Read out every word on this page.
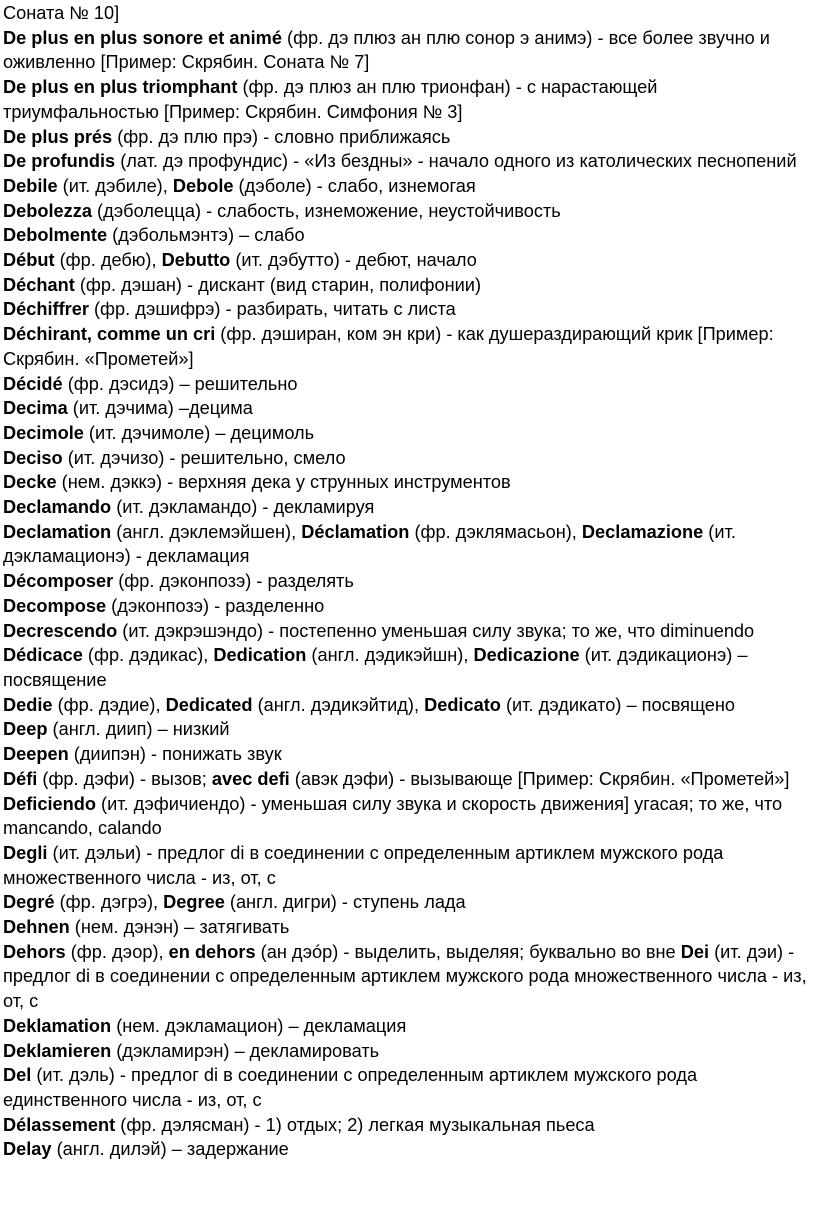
Соната № 10]
De plus en plus sonore et animé (фр. дэ плюз ан плю сонор э анимэ) - все более звучно и оживленно [Пример: Скрябин. Соната № 7]
De plus en plus triomphant (фр. дэ плюз ан плю трионфан) - с нарастающей триумфальностью [Пример: Скрябин. Симфония № 3]
De plus prés (фр. дэ плю прэ) - словно приближаясь
De profundis (лат. дэ профундис) - «Из бездны» - начало одного из католических песнопений
Debile (ит. дэбиле), Debole (дэболе) - слабо, изнемогая
Debolezza (дэболецца) - слабость, изнеможение, неустойчивость
Debolmente (дэбольмэнтэ) – слабо
Début (фр. дебю), Debutto (ит. дэбутто) - дебют, начало
Déchant (фр. дэшан) - дискант (вид старин, полифонии)
Déchiffrer (фр. дэшифрэ) - разбирать, читать с листа
Déchirant, comme un cri (фр. дэширан, ком эн кри) - как душераздирающий крик [Пример: Скрябин. «Прометей»]
Décidé (фр. дэсидэ) – решительно
Decima (ит. дэчима) –децима
Decimole (ит. дэчимоле) – децимоль
Deciso (ит. дэчизо) - решительно, смело
Decke (нем. дэккэ) - верхняя дека у струнных инструментов
Declamando (ит. дэкламандо) - декламируя
Declamation (англ. дэклемэйшен), Déclamation (фр. дэклямасьон), Declamazione (ит. дэкламационэ) - декламация
Décomposer (фр. дэконпозэ) - разделять
Decompose (дэконпозэ) - разделенно
Decrescendo (ит. дэкрэшэндо) - постепенно уменьшая силу звука; то же, что diminuendo
Dédicace (фр. дэдикас), Dedication (англ. дэдикэйшн), Dedicazione (ит. дэдикационэ) – посвящение
Dedie (фр. дэдие), Dedicated (англ. дэдикэйтид), Dedicato (ит. дэдикато) – посвящено
Deep (англ. диип) – низкий
Deepen (диипэн) - понижать звук
Défi (фр. дэфи) - вызов; avec defi (авэк дэфи) - вызывающе [Пример: Скрябин. «Прометей»]
Deficiendo (ит. дэфичиендо) - уменьшая силу звука и скорость движения] угасая; то же, что mancando, calando
Degli (ит. дэльи) - предлог di в соединении с определенным артиклем мужского рода множественного числа - из, от, с
Degré (фр. дэгрэ), Degree (англ. дигри) - ступень лада
Dehnen (нем. дэнэн) – затягивать
Dehors (фр. дэор), en dehors (ан дэóр) - выделить, выделяя; буквально во вне Dei (ит. дэи) - предлог di в соединении с определенным артиклем мужского рода множественного числа - из, от, с
Deklamation (нем. дэкламацион) – декламация
Deklamieren (дэкламирэн) – декламировать
Del (ит. дэль) - предлог di в соединении с определенным артиклем мужского рода единственного числа - из, от, с
Délassement (фр. дэлясман) - 1) отдых; 2) легкая музыкальная пьеса
Delay (англ. дилэй) – задержание
